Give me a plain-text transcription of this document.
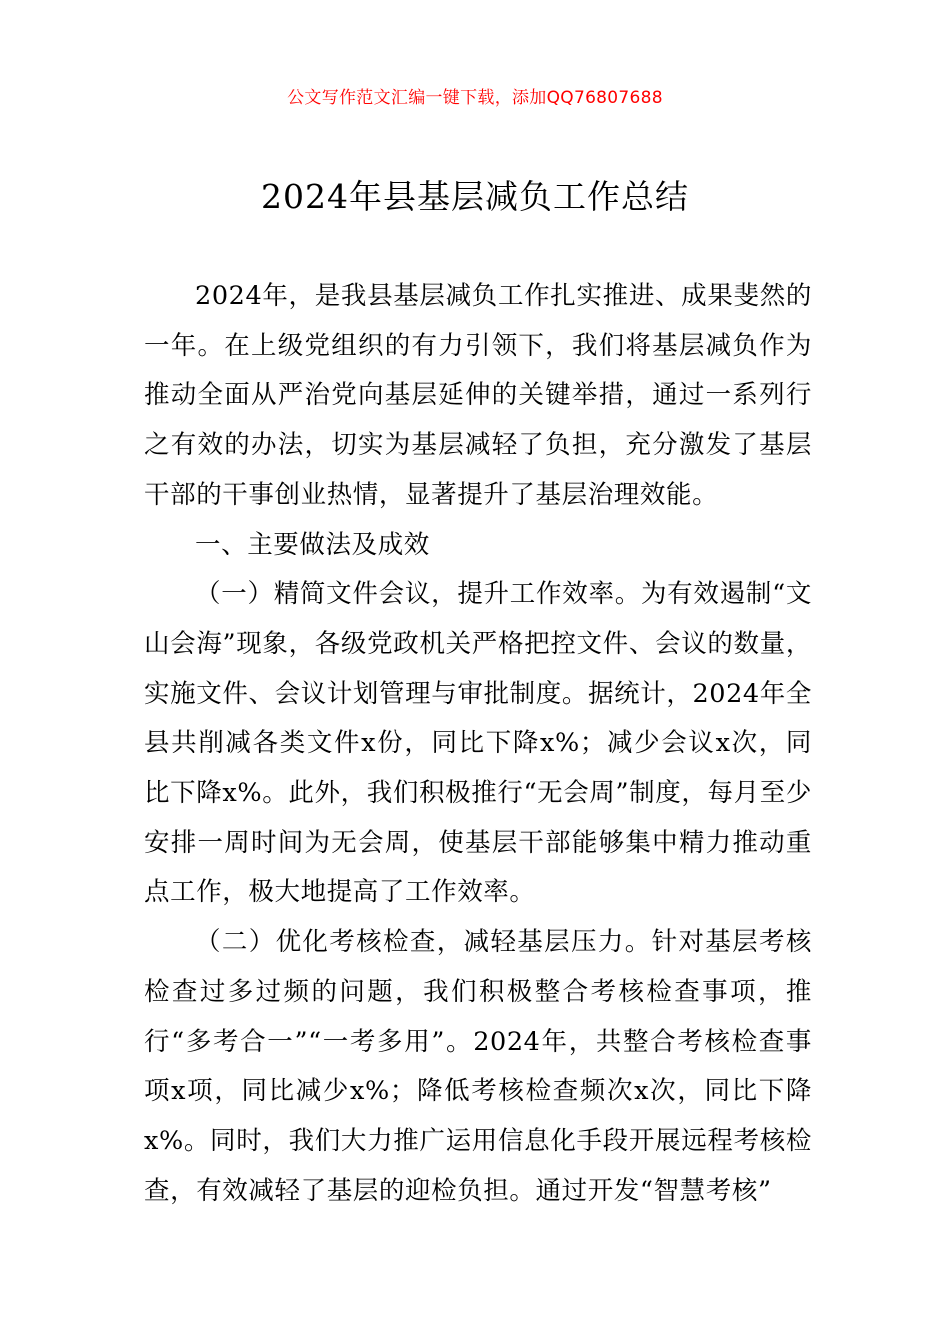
公文写作范文汇编一键下载，添加QQ76807688
2024年县基层减负工作总结

2024年，是我县基层减负工作扎实推进、成果斐然的一年。在上级党组织的有力引领下，我们将基层减负作为推动全面从严治党向基层延伸的关键举措，通过一系列行之有效的办法，切实为基层减轻了负担，充分激发了基层干部的干事创业热情，显著提升了基层治理效能。

一、主要做法及成效

（一）精简文件会议，提升工作效率。为有效遏制“文山会海”现象，各级党政机关严格把控文件、会议的数量，实施文件、会议计划管理与审批制度。据统计，2024年全县共削减各类文件x份，同比下降x%；减少会议x次，同比下降x%。此外，我们积极推行“无会周”制度，每月至少安排一周时间为无会周，使基层干部能够集中精力推动重点工作，极大地提高了工作效率。

（二）优化考核检查，减轻基层压力。针对基层考核检查过多过频的问题，我们积极整合考核检查事项，推行“多考合一”“一考多用”。2024年，共整合考核检查事项x项，同比减少x%；降低考核检查频次x次，同比下降x%。同时，我们大力推广运用信息化手段开展远程考核检查，有效减轻了基层的迎检负担。通过开发“智慧考核”
